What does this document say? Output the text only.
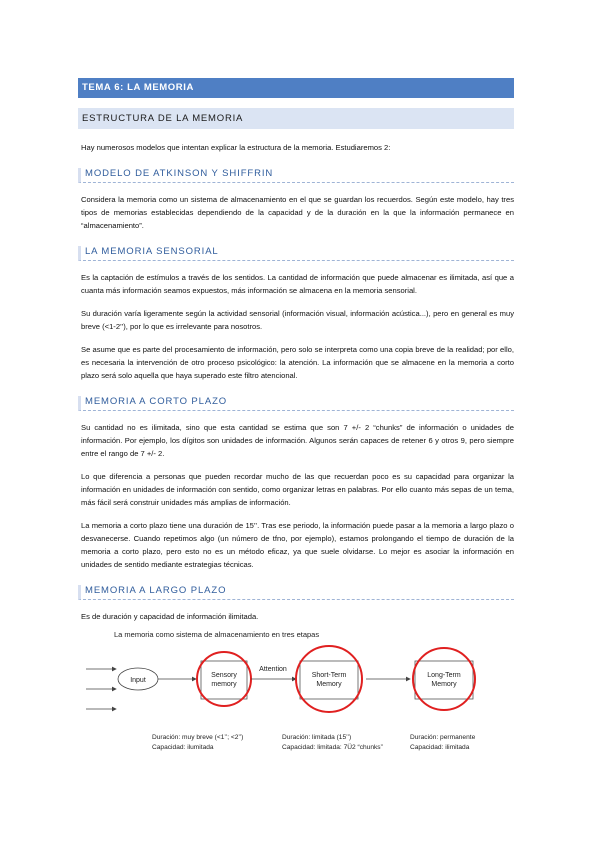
TEMA 6: LA MEMORIA
ESTRUCTURA DE LA MEMORIA

Hay numerosos modelos que intentan explicar la estructura de la memoria. Estudiaremos 2:

MODELO DE ATKINSON Y SHIFFRIN

Considera la memoria como un sistema de almacenamiento en el que se guardan los recuerdos. Según este modelo, hay tres tipos de memorias establecidas dependiendo de la capacidad y de la duración en la que la información permanece en “almacenamiento”.

LA MEMORIA SENSORIAL

Es la captación de estímulos a través de los sentidos. La cantidad de información que puede almacenar es ilimitada, así que a cuanta más información seamos expuestos, más información se almacena en la memoria sensorial.

Su duración varía ligeramente según la actividad sensorial (información visual, información acústica...), pero en general es muy breve (<1-2’’), por lo que es irrelevante para nosotros.

Se asume que es parte del procesamiento de información, pero solo se interpreta como una copia breve de la realidad; por ello, es necesaria la intervención de otro proceso psicológico: la atención. La información que se almacene en la memoria a corto plazo será solo aquella que haya superado este filtro atencional.

MEMORIA A CORTO PLAZO

Su cantidad no es ilimitada, sino que esta cantidad se estima que son 7 +/- 2 “chunks” de información o unidades de información. Por ejemplo, los dígitos son unidades de información. Algunos serán capaces de retener 6 y otros 9, pero siempre entre el rango de 7 +/- 2.

Lo que diferencia a personas que pueden recordar mucho de las que recuerdan poco es su capacidad para organizar la información en unidades de información con sentido, como organizar letras en palabras. Por ello cuanto más sepas de un tema, más fácil será construir unidades más amplias de información.

La memoria a corto plazo tiene una duración de 15’’. Tras ese periodo, la información puede pasar a la memoria a largo plazo o desvanecerse. Cuando repetimos algo (un número de tfno, por ejemplo), estamos prolongando el tiempo de duración de la memoria a corto plazo, pero esto no es un método eficaz, ya que suele olvidarse. Lo mejor es asociar la información en unidades de sentido mediante estrategias técnicas.

MEMORIA A LARGO PLAZO

Es de duración y capacidad de información ilimitada.

La memoria como sistema de almacenamiento en tres etapas
Input
Sensory
memory
Attention
Short-Term
Memory
Long-Term
Memory
Duración: muy breve (<1’’; <2’’)
Capacidad: ilumitada
Duración: limitada (15’’)
Capacidad: limitada: 7Ü2 “chunks”
Duración: permanente
Capacidad: ilimitada
